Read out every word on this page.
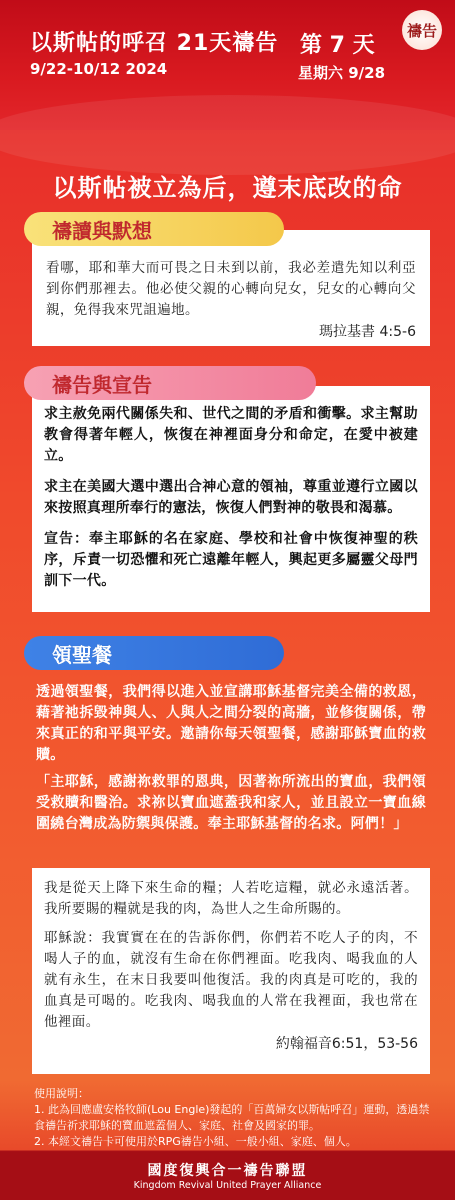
以斯帖的呼召 21天禱告
9/22-10/12 2024
第 7 天
星期六 9/28
禱告
以斯帖被立為后，遵末底改的命
看哪，耶和華大而可畏之日未到以前，我必差遣先知以利亞到你們那裡去。他必使父親的心轉向兒女，兒女的心轉向父親，免得我來咒詛遍地。
瑪拉基書 4:5-6
禱讀與默想
求主赦免兩代關係失和、世代之間的矛盾和衝擊。求主幫助教會得著年輕人，恢復在神裡面身分和命定，在愛中被建立。
求主在美國大選中選出合神心意的領袖，尊重並遵行立國以來按照真理所奉行的憲法，恢復人們對神的敬畏和渴慕。
宣告：奉主耶穌的名在家庭、學校和社會中恢復神聖的秩序，斥責一切恐懼和死亡遠離年輕人，興起更多屬靈父母門訓下一代。
禱告與宣告
領聖餐
透過領聖餐，我們得以進入並宣講耶穌基督完美全備的救恩，藉著祂拆毀神與人、人與人之間分裂的高牆，並修復關係，帶來真正的和平與平安。邀請你每天領聖餐，感謝耶穌寶血的救贖。
「主耶穌，感謝祢救罪的恩典，因著祢所流出的寶血，我們領受救贖和醫治。求祢以寶血遮蓋我和家人，並且設立一寶血線圍繞台灣成為防禦與保護。奉主耶穌基督的名求。阿們！」
我是從天上降下來生命的糧；人若吃這糧，就必永遠活著。我所要賜的糧就是我的肉，為世人之生命所賜的。
耶穌說：我實實在在的告訴你們，你們若不吃人子的肉，不喝人子的血，就沒有生命在你們裡面。吃我肉、喝我血的人就有永生，在末日我要叫他復活。我的肉真是可吃的，我的血真是可喝的。吃我肉、喝我血的人常在我裡面，我也常在他裡面。
約翰福音6:51，53-56
使用說明：
1. 此為回應盧安格牧師(Lou Engle)發起的「百萬婦女以斯帖呼召」運動，透過禁食禱告祈求耶穌的寶血遮蓋個人、家庭、社會及國家的罪。
2. 本經文禱告卡可使用於RPG禱告小組、一般小組、家庭、個人。
國度復興合一禱告聯盟
Kingdom Revival United Prayer Alliance
